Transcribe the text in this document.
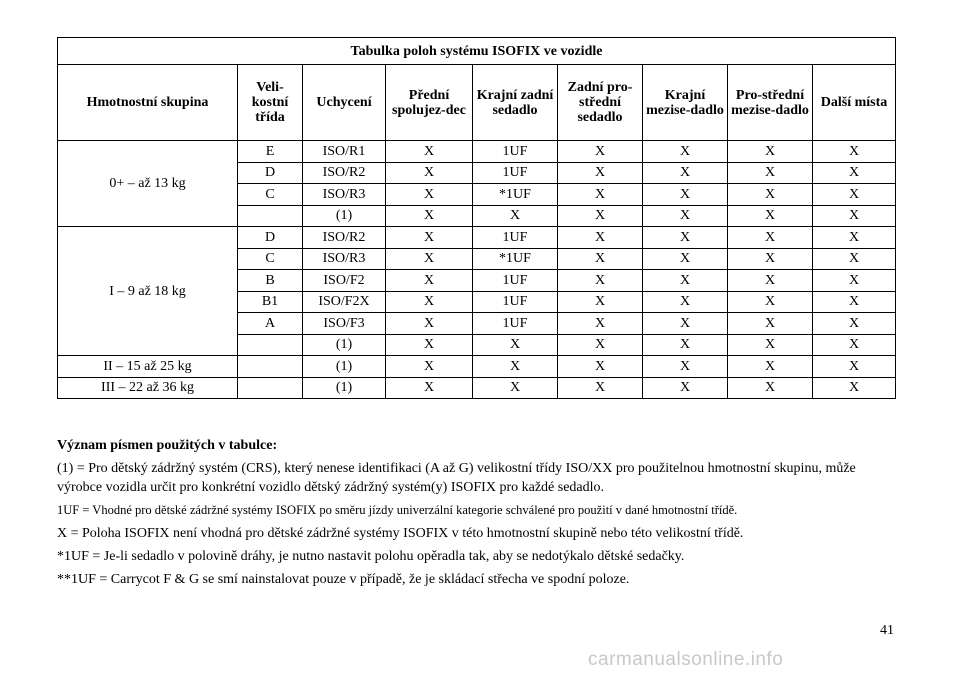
Tabulka poloh systému ISOFIX ve vozidle								
Hmotnostní skupina	Veli-kostní třída	Uchycení	Přední spolujez-dec	Krajní zadní sedadlo	Zadní pro-střední sedadlo	Krajní mezise-dadlo	Pro-střední mezise-dadlo	Další místa
0+ – až 13 kg	E	ISO/R1	X	1UF	X	X	X	X
	D	ISO/R2	X	1UF	X	X	X	X
	C	ISO/R3	X	*1UF	X	X	X	X
		(1)	X	X	X	X	X	X
I – 9 až 18 kg	D	ISO/R2	X	1UF	X	X	X	X
	C	ISO/R3	X	*1UF	X	X	X	X
	B	ISO/F2	X	1UF	X	X	X	X
	B1	ISO/F2X	X	1UF	X	X	X	X
	A	ISO/F3	X	1UF	X	X	X	X
		(1)	X	X	X	X	X	X
II – 15 až 25 kg		(1)	X	X	X	X	X	X
III – 22 až 36 kg		(1)	X	X	X	X	X	X

Význam písmen použitých v tabulce:

(1) = Pro dětský zádržný systém (CRS), který nenese identifikaci (A až G) velikostní třídy ISO/XX pro použitelnou hmotnostní skupinu, může výrobce vozidla určit pro konkrétní vozidlo dětský zádržný systém(y) ISOFIX pro každé sedadlo.

1UF = Vhodné pro dětské zádržné systémy ISOFIX po směru jízdy univerzální kategorie schválené pro použití v dané hmotnostní třídě.

X = Poloha ISOFIX není vhodná pro dětské zádržné systémy ISOFIX v této hmotnostní skupině nebo této velikostní třídě.

*1UF = Je-li sedadlo v polovině dráhy, je nutno nastavit polohu opěradla tak, aby se nedotýkalo dětské sedačky.

**1UF = Carrycot F & G se smí nainstalovat pouze v případě, že je skládací střecha ve spodní poloze.

41
carmanualsonline.info
